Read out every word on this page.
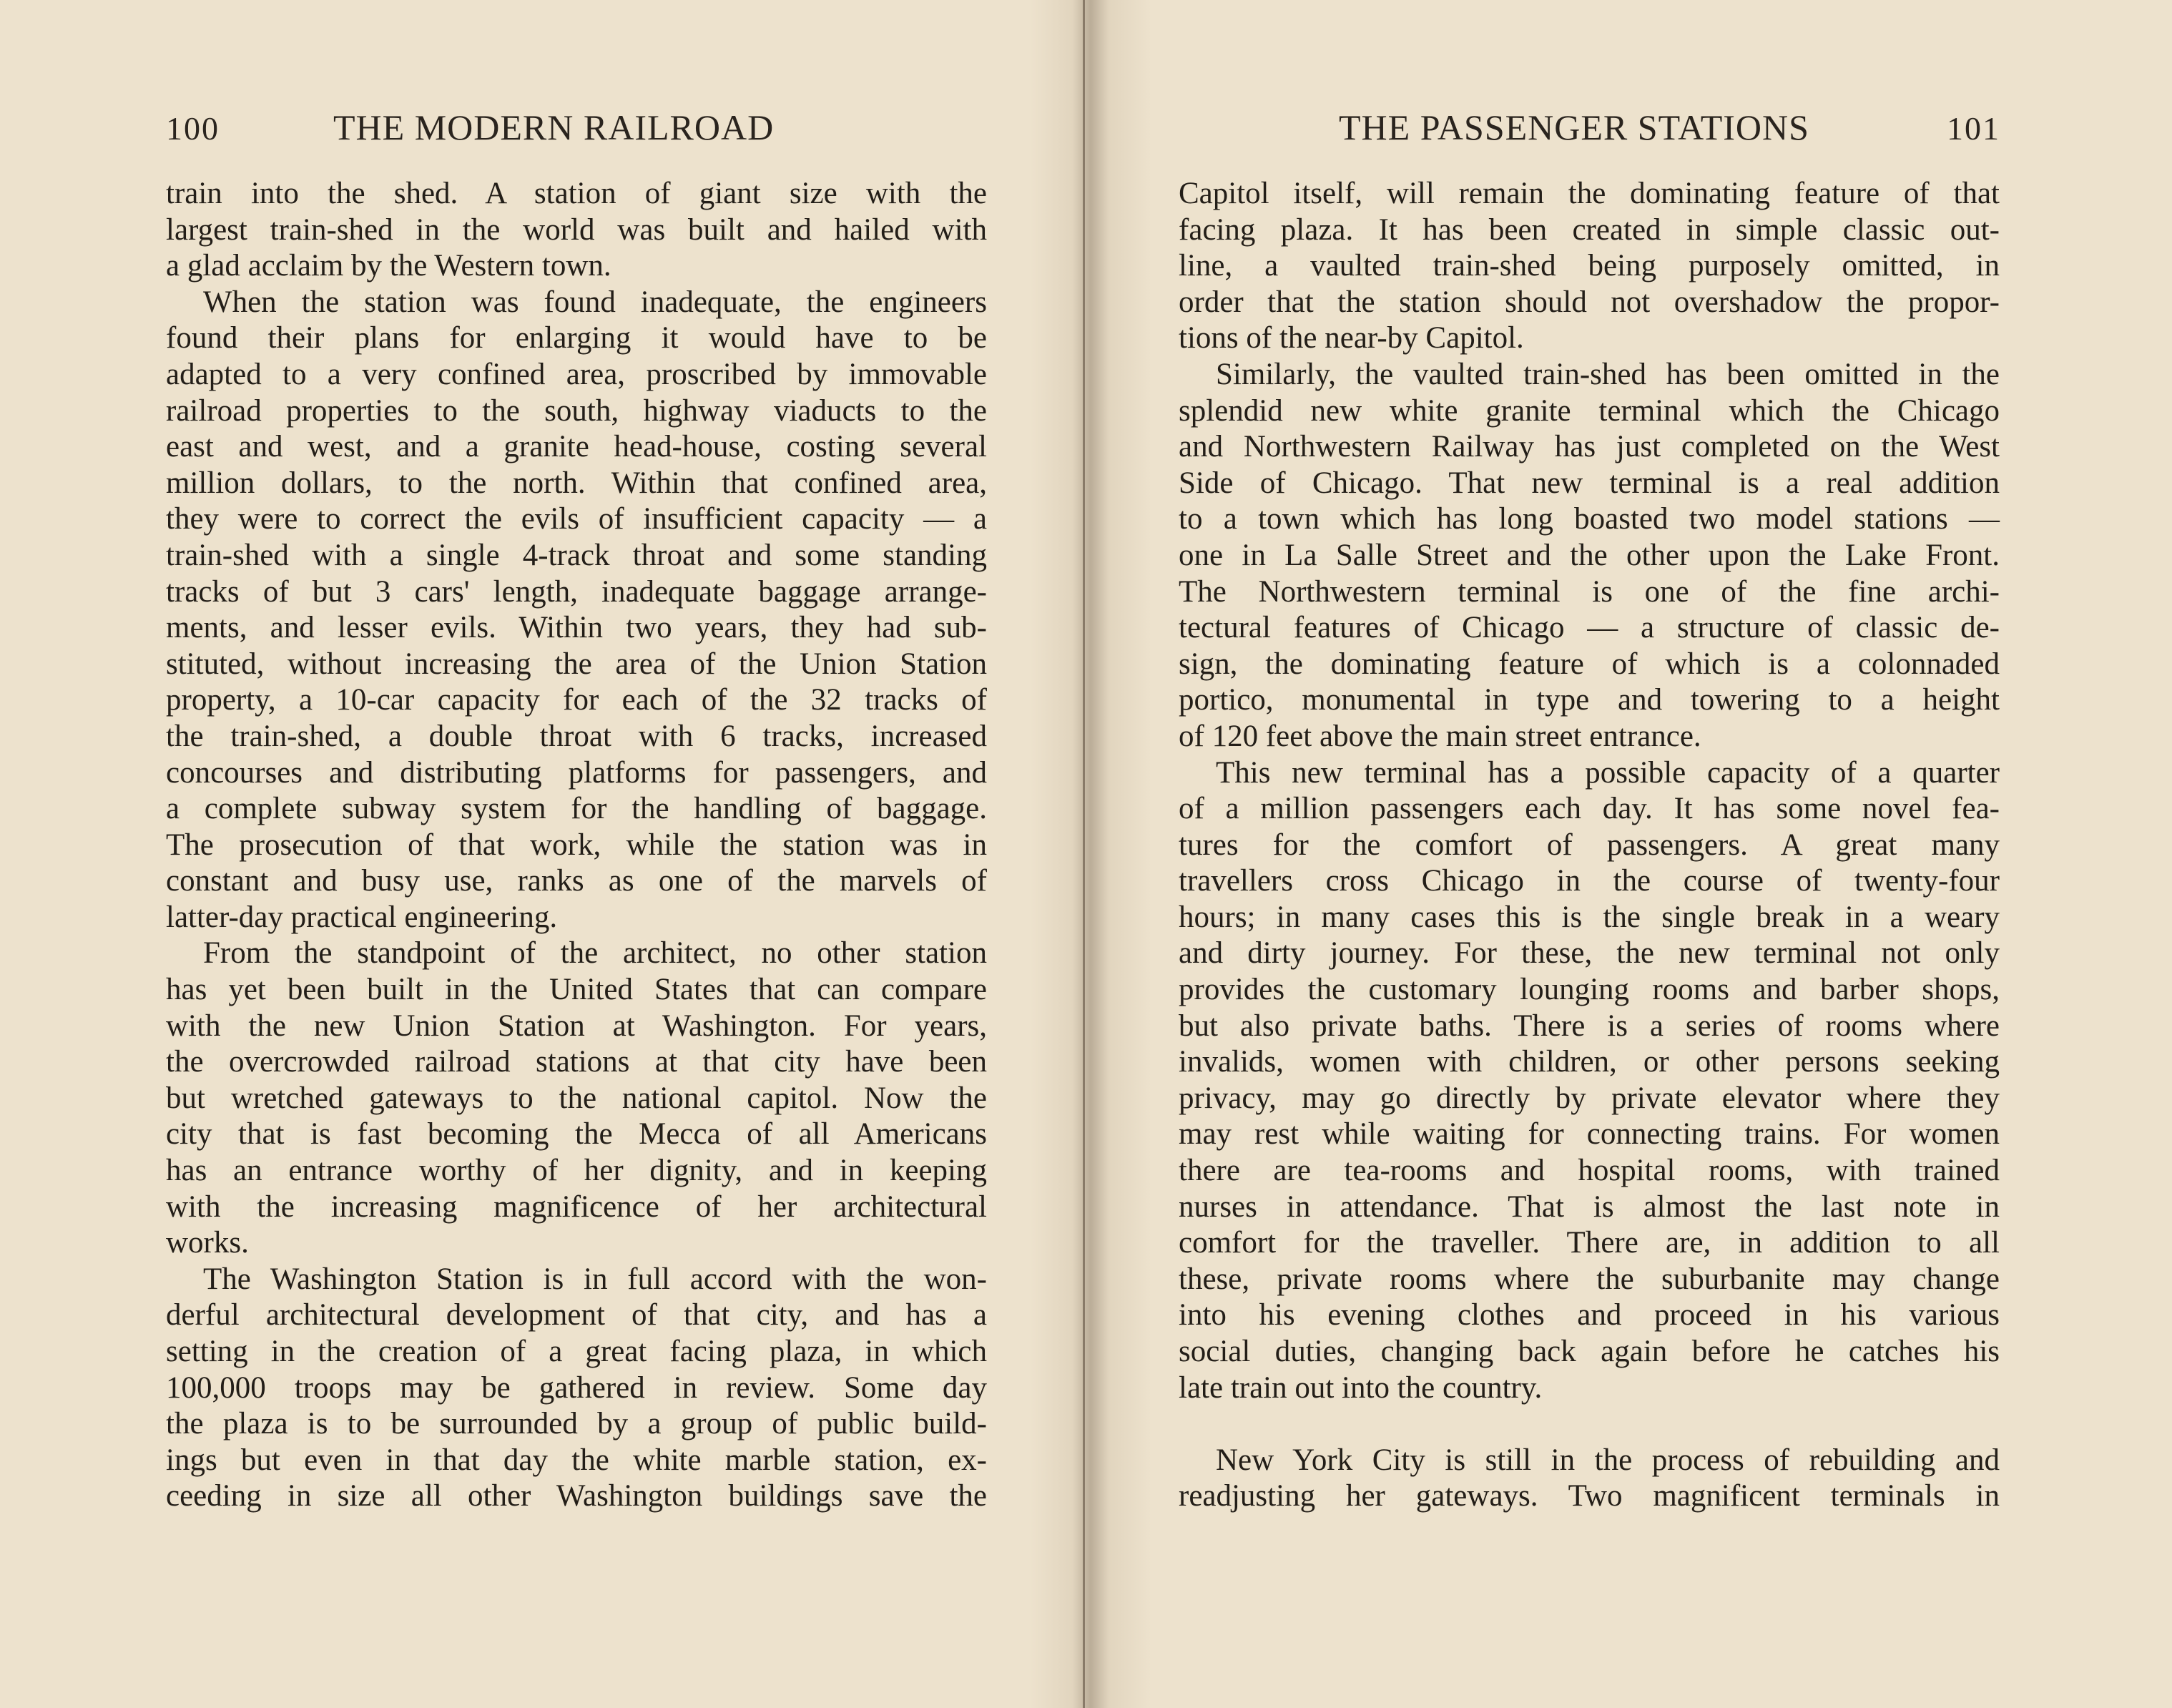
100	THE MODERN RAILROAD
train into the shed. A station of giant size with the
largest train-shed in the world was built and hailed with
a glad acclaim by the Western town.
When the station was found inadequate, the engineers
found their plans for enlarging it would have to be
adapted to a very confined area, proscribed by immovable
railroad properties to the south, highway viaducts to the
east and west, and a granite head-house, costing several
million dollars, to the north. Within that confined area,
they were to correct the evils of insufficient capacity — a
train-shed with a single 4-track throat and some standing
tracks of but 3 cars' length, inadequate baggage arrange-
ments, and lesser evils. Within two years, they had sub-
stituted, without increasing the area of the Union Station
property, a 10-car capacity for each of the 32 tracks of
the train-shed, a double throat with 6 tracks, increased
concourses and distributing platforms for passengers, and
a complete subway system for the handling of baggage.
The prosecution of that work, while the station was in
constant and busy use, ranks as one of the marvels of
latter-day practical engineering.
From the standpoint of the architect, no other station
has yet been built in the United States that can compare
with the new Union Station at Washington. For years,
the overcrowded railroad stations at that city have been
but wretched gateways to the national capitol. Now the
city that is fast becoming the Mecca of all Americans
has an entrance worthy of her dignity, and in keeping
with the increasing magnificence of her architectural
works.
The Washington Station is in full accord with the won-
derful architectural development of that city, and has a
setting in the creation of a great facing plaza, in which
100,000 troops may be gathered in review. Some day
the plaza is to be surrounded by a group of public build-
ings but even in that day the white marble station, ex-
ceeding in size all other Washington buildings save the
THE PASSENGER STATIONS	101
Capitol itself, will remain the dominating feature of that
facing plaza. It has been created in simple classic out-
line, a vaulted train-shed being purposely omitted, in
order that the station should not overshadow the propor-
tions of the near-by Capitol.
Similarly, the vaulted train-shed has been omitted in the
splendid new white granite terminal which the Chicago
and Northwestern Railway has just completed on the West
Side of Chicago. That new terminal is a real addition
to a town which has long boasted two model stations —
one in La Salle Street and the other upon the Lake Front.
The Northwestern terminal is one of the fine archi-
tectural features of Chicago — a structure of classic de-
sign, the dominating feature of which is a colonnaded
portico, monumental in type and towering to a height
of 120 feet above the main street entrance.
This new terminal has a possible capacity of a quarter
of a million passengers each day. It has some novel fea-
tures for the comfort of passengers. A great many
travellers cross Chicago in the course of twenty-four
hours; in many cases this is the single break in a weary
and dirty journey. For these, the new terminal not only
provides the customary lounging rooms and barber shops,
but also private baths. There is a series of rooms where
invalids, women with children, or other persons seeking
privacy, may go directly by private elevator where they
may rest while waiting for connecting trains. For women
there are tea-rooms and hospital rooms, with trained
nurses in attendance. That is almost the last note in
comfort for the traveller. There are, in addition to all
these, private rooms where the suburbanite may change
into his evening clothes and proceed in his various
social duties, changing back again before he catches his
late train out into the country.
New York City is still in the process of rebuilding and
readjusting her gateways. Two magnificent terminals in
